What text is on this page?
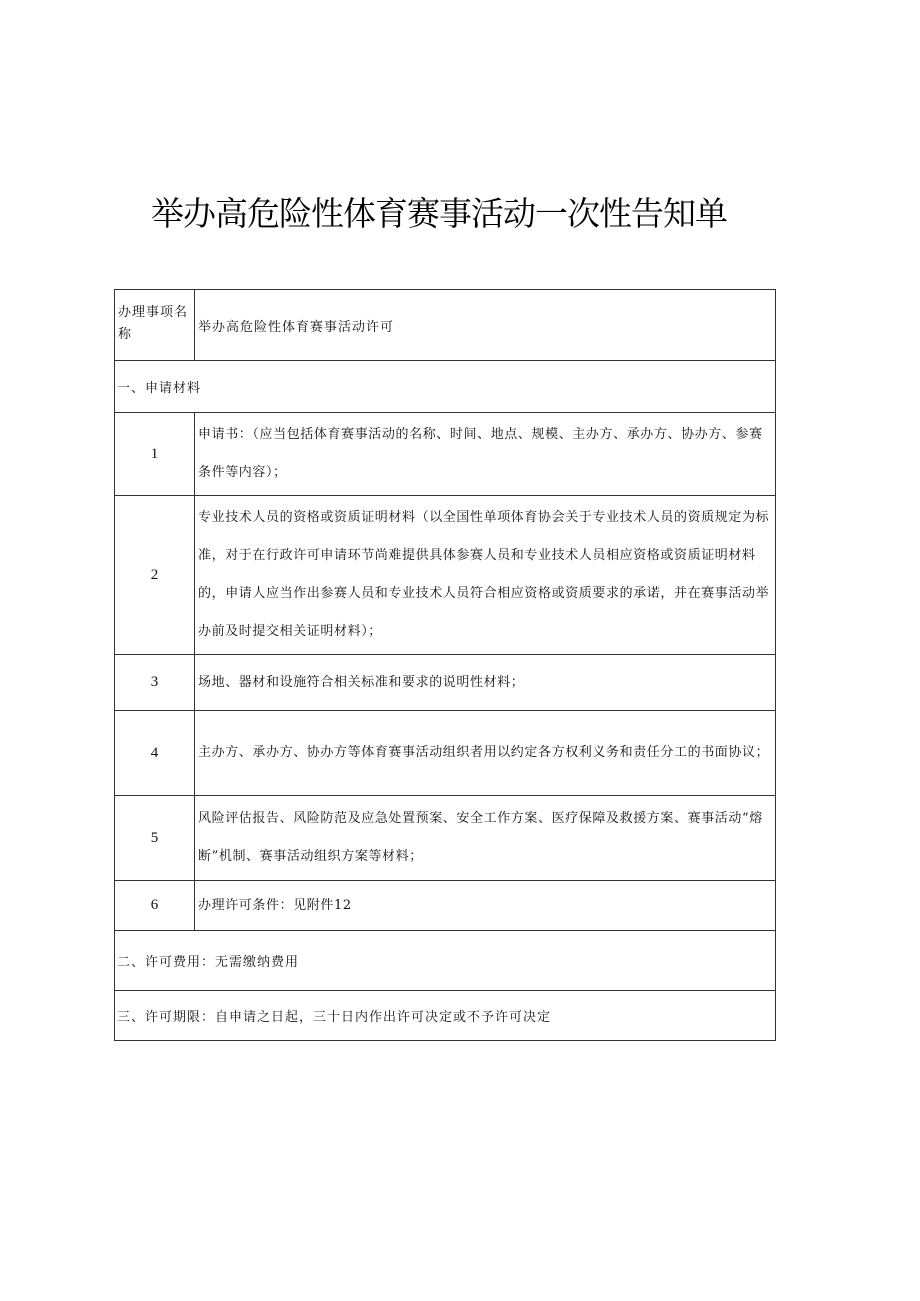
举办高危险性体育赛事活动一次性告知单
办理事项名称	举办高危险性体育赛事活动许可
一、申请材料	
1	申请书：（应当包括体育赛事活动的名称、时间、地点、规模、主办方、承办方、协办方、参赛条件等内容）；
2	专业技术人员的资格或资质证明材料（以全国性单项体育协会关于专业技术人员的资质规定为标准，对于在行政许可申请环节尚难提供具体参赛人员和专业技术人员相应资格或资质证明材料的，申请人应当作出参赛人员和专业技术人员符合相应资格或资质要求的承诺，并在赛事活动举办前及时提交相关证明材料）；
3	场地、器材和设施符合相关标准和要求的说明性材料；
4	主办方、承办方、协办方等体育赛事活动组织者用以约定各方权利义务和责任分工的书面协议；
5	风险评估报告、风险防范及应急处置预案、安全工作方案、医疗保障及救援方案、赛事活动“熔断”机制、赛事活动组织方案等材料；
6	办理许可条件：见附件12
二、许可费用：无需缴纳费用	
三、许可期限：自申请之日起，三十日内作出许可决定或不予许可决定	
